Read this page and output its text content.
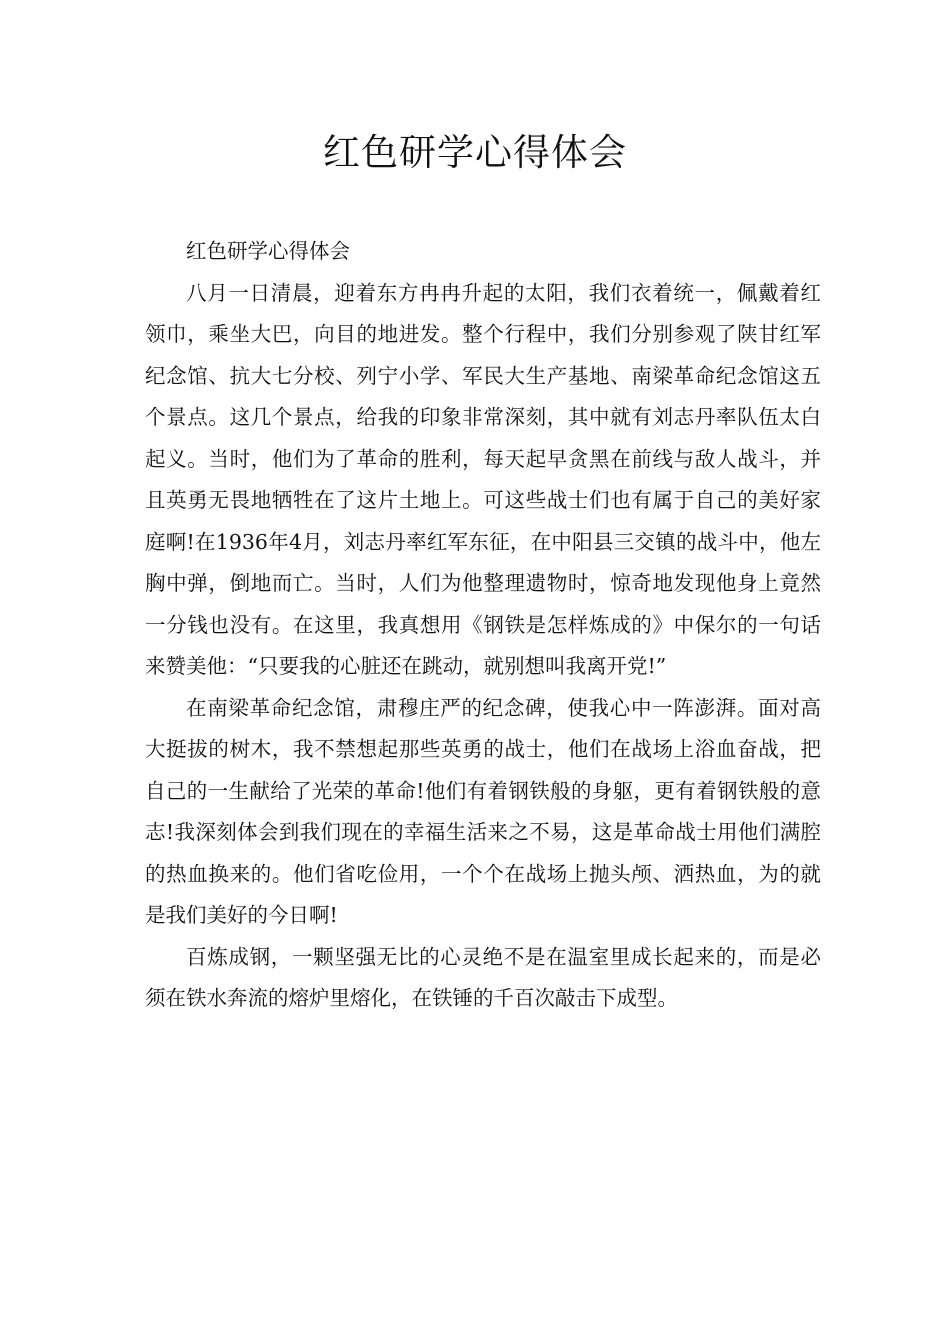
红色研学心得体会

红色研学心得体会

八月一日清晨，迎着东方冉冉升起的太阳，我们衣着统一，佩戴着红领巾，乘坐大巴，向目的地进发。整个行程中，我们分别参观了陕甘红军纪念馆、抗大七分校、列宁小学、军民大生产基地、南梁革命纪念馆这五个景点。这几个景点，给我的印象非常深刻，其中就有刘志丹率队伍太白起义。当时，他们为了革命的胜利，每天起早贪黑在前线与敌人战斗，并且英勇无畏地牺牲在了这片土地上。可这些战士们也有属于自己的美好家庭啊!在1936年4月，刘志丹率红军东征，在中阳县三交镇的战斗中，他左胸中弹，倒地而亡。当时，人们为他整理遗物时，惊奇地发现他身上竟然一分钱也没有。在这里，我真想用《钢铁是怎样炼成的》中保尔的一句话来赞美他：“只要我的心脏还在跳动，就别想叫我离开党!”

在南梁革命纪念馆，肃穆庄严的纪念碑，使我心中一阵澎湃。面对高大挺拔的树木，我不禁想起那些英勇的战士，他们在战场上浴血奋战，把自己的一生献给了光荣的革命!他们有着钢铁般的身躯，更有着钢铁般的意志!我深刻体会到我们现在的幸福生活来之不易，这是革命战士用他们满腔的热血换来的。他们省吃俭用，一个个在战场上抛头颅、洒热血，为的就是我们美好的今日啊!

百炼成钢，一颗坚强无比的心灵绝不是在温室里成长起来的，而是必须在铁水奔流的熔炉里熔化，在铁锤的千百次敲击下成型。
